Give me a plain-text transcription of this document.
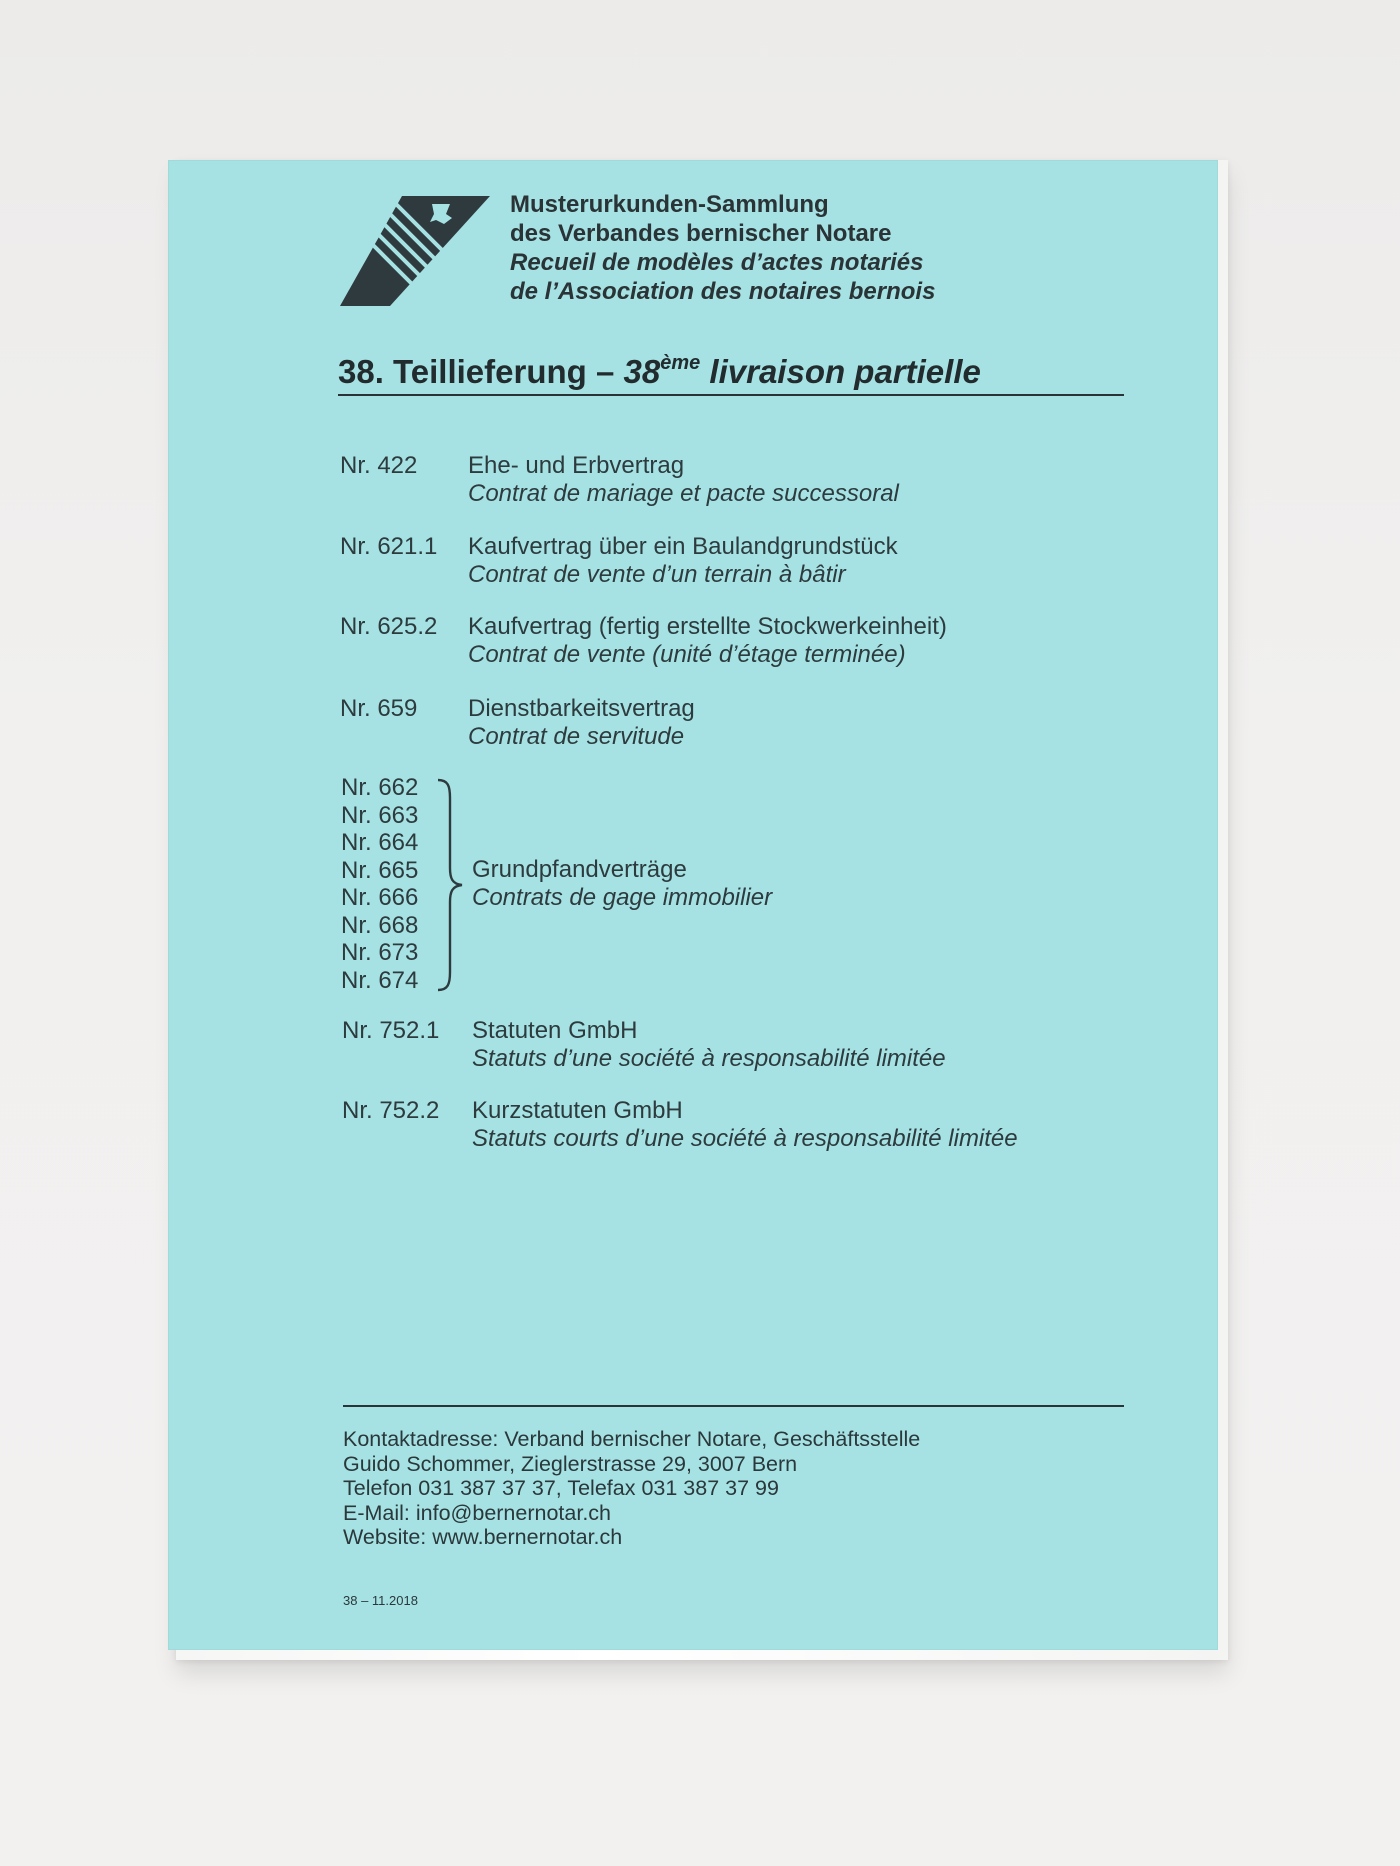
Musterurkunden-Sammlung
des Verbandes bernischer Notare
Recueil de modèles d’actes notariés
de l’Association des notaires bernois
38. Teillieferung – 38ème livraison partielle
Nr. 422 Ehe- und Erbvertrag
Contrat de mariage et pacte successoral
Nr. 621.1 Kaufvertrag über ein Baulandgrundstück
Contrat de vente d’un terrain à bâtir
Nr. 625.2 Kaufvertrag (fertig erstellte Stockwerkeinheit)
Contrat de vente (unité d’étage terminée)
Nr. 659 Dienstbarkeitsvertrag
Contrat de servitude
Nr. 662
Nr. 663
Nr. 664
Nr. 665
Nr. 666
Nr. 668
Nr. 673
Nr. 674
Grundpfandverträge
Contrats de gage immobilier
Nr. 752.1 Statuten GmbH
Statuts d’une société à responsabilité limitée
Nr. 752.2 Kurzstatuten GmbH
Statuts courts d’une société à responsabilité limitée
Kontaktadresse: Verband bernischer Notare, Geschäftsstelle
Guido Schommer, Zieglerstrasse 29, 3007 Bern
Telefon 031 387 37 37, Telefax 031 387 37 99
E-Mail: info@bernernotar.ch
Website: www.bernernotar.ch
38 – 11.2018
